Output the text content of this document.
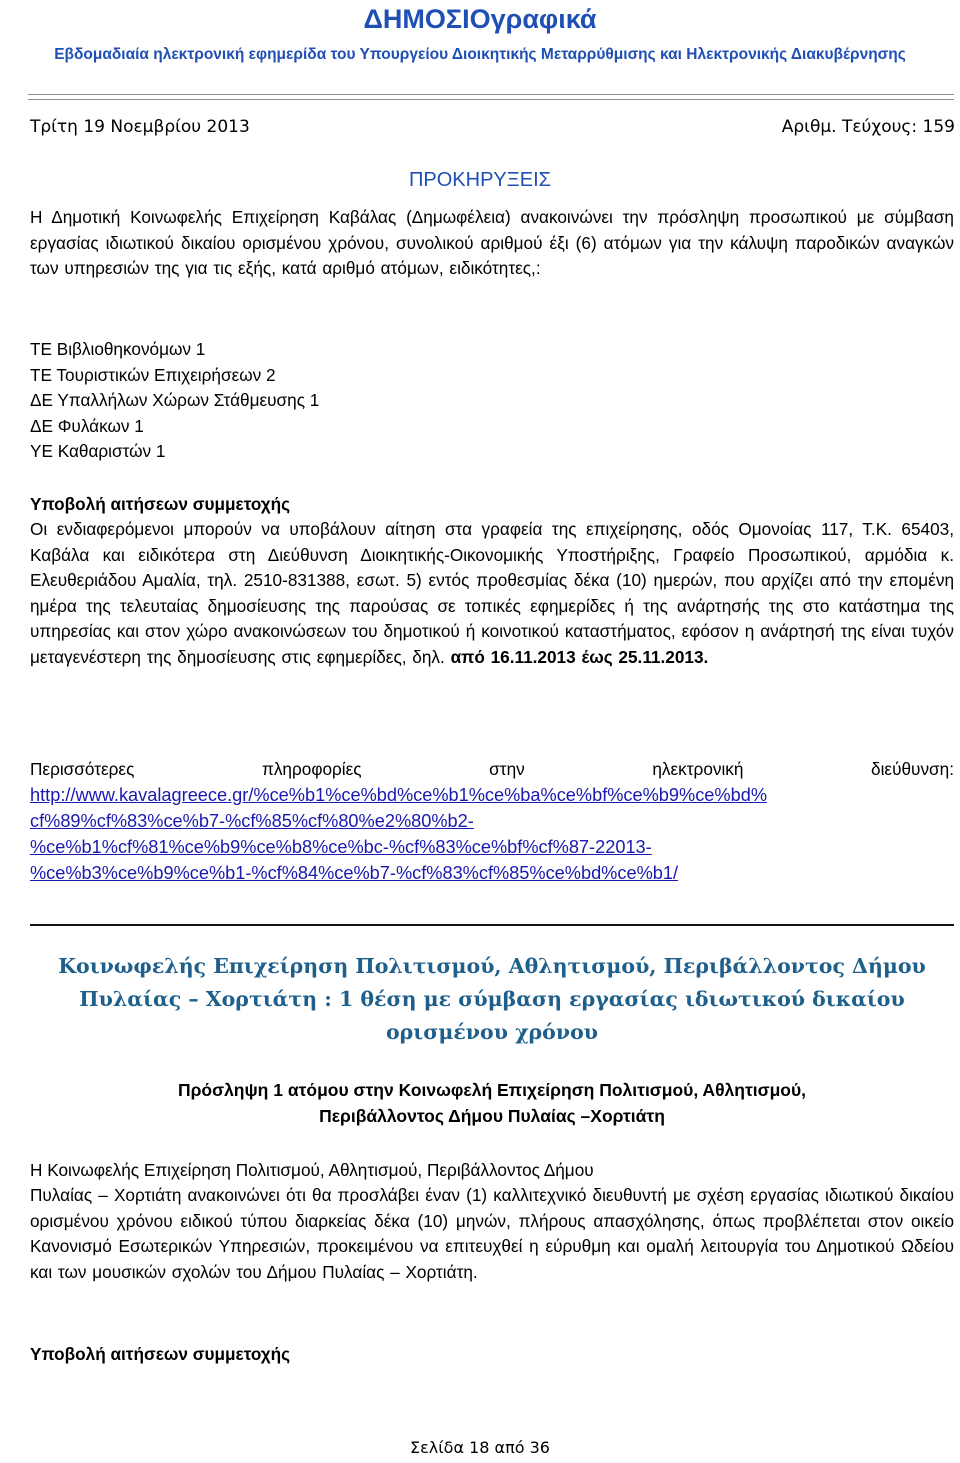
ΔΗΜΟΣΙΟγραφικά
Εβδομαδιαία ηλεκτρονική εφημερίδα του Υπουργείου Διοικητικής Μεταρρύθμισης και Ηλεκτρονικής Διακυβέρνησης
Τρίτη 19 Νοεμβρίου 2013	Αριθμ. Τεύχους: 159
ΠΡΟΚΗΡΥΞΕΙΣ
Η Δημοτική Κοινωφελής Επιχείρηση Καβάλας (Δημωφέλεια) ανακοινώνει την πρόσληψη προσωπικού με σύμβαση εργασίας ιδιωτικού δικαίου ορισμένου χρόνου, συνολικού αριθμού έξι (6) ατόμων για την κάλυψη παροδικών αναγκών των υπηρεσιών της για τις εξής, κατά αριθμό ατόμων, ειδικότητες,:
ΤΕ Βιβλιοθηκονόμων 1
ΤΕ Τουριστικών Επιχειρήσεων 2
ΔΕ Υπαλλήλων Χώρων Στάθμευσης 1
ΔΕ Φυλάκων 1
ΥΕ Καθαριστών 1
Υποβολή αιτήσεων συμμετοχής
Οι ενδιαφερόμενοι μπορούν να υποβάλουν αίτηση στα γραφεία της επιχείρησης, οδός Ομονοίας 117, Τ.Κ. 65403, Καβάλα και ειδικότερα στη Διεύθυνση Διοικητικής-Οικονομικής Υποστήριξης, Γραφείο Προσωπικού, αρμόδια κ. Ελευθεριάδου Αμαλία, τηλ. 2510-831388, εσωτ. 5) εντός προθεσμίας δέκα (10) ημερών, που αρχίζει από την επομένη ημέρα της τελευταίας δημοσίευσης της παρούσας σε τοπικές εφημερίδες ή της ανάρτησής της στο κατάστημα της υπηρεσίας και στον χώρο ανακοινώσεων του δημοτικού ή κοινοτικού καταστήματος, εφόσον η ανάρτησή της είναι τυχόν μεταγενέστερη της δημοσίευσης στις εφημερίδες, δηλ. από 16.11.2013 έως 25.11.2013.
Περισσότερες πληροφορίες στην ηλεκτρονική διεύθυνση:
http://www.kavalagreece.gr/%ce%b1%ce%bd%ce%b1%ce%ba%ce%bf%ce%b9%ce%bd%
cf%89%cf%83%ce%b7-%cf%85%cf%80%e2%80%b2-
%ce%b1%cf%81%ce%b9%ce%b8%ce%bc-%cf%83%ce%bf%cf%87-22013-
%ce%b3%ce%b9%ce%b1-%cf%84%ce%b7-%cf%83%cf%85%ce%bd%ce%b1/
Κοινωφελής Επιχείρηση Πολιτισμού, Αθλητισμού, Περιβάλλοντος Δήμου
Πυλαίας – Χορτιάτη : 1 θέση με σύμβαση εργασίας ιδιωτικού δικαίου
ορισμένου χρόνου
Πρόσληψη 1 ατόμου στην Κοινωφελή Επιχείρηση Πολιτισμού, Αθλητισμού,
Περιβάλλοντος Δήμου Πυλαίας –Χορτιάτη
Η Κοινωφελής Επιχείρηση Πολιτισμού, Αθλητισμού, Περιβάλλοντος Δήμου
Πυλαίας – Χορτιάτη ανακοινώνει ότι θα προσλάβει έναν (1) καλλιτεχνικό διευθυντή με σχέση εργασίας ιδιωτικού δικαίου ορισμένου χρόνου ειδικού τύπου διαρκείας δέκα (10) μηνών, πλήρους απασχόλησης, όπως προβλέπεται στον οικείο Κανονισμό Εσωτερικών Υπηρεσιών, προκειμένου να επιτευχθεί η εύρυθμη και ομαλή λειτουργία του Δημοτικού Ωδείου και των μουσικών σχολών του Δήμου Πυλαίας – Χορτιάτη.
Υποβολή αιτήσεων συμμετοχής
Σελίδα 18 από 36
